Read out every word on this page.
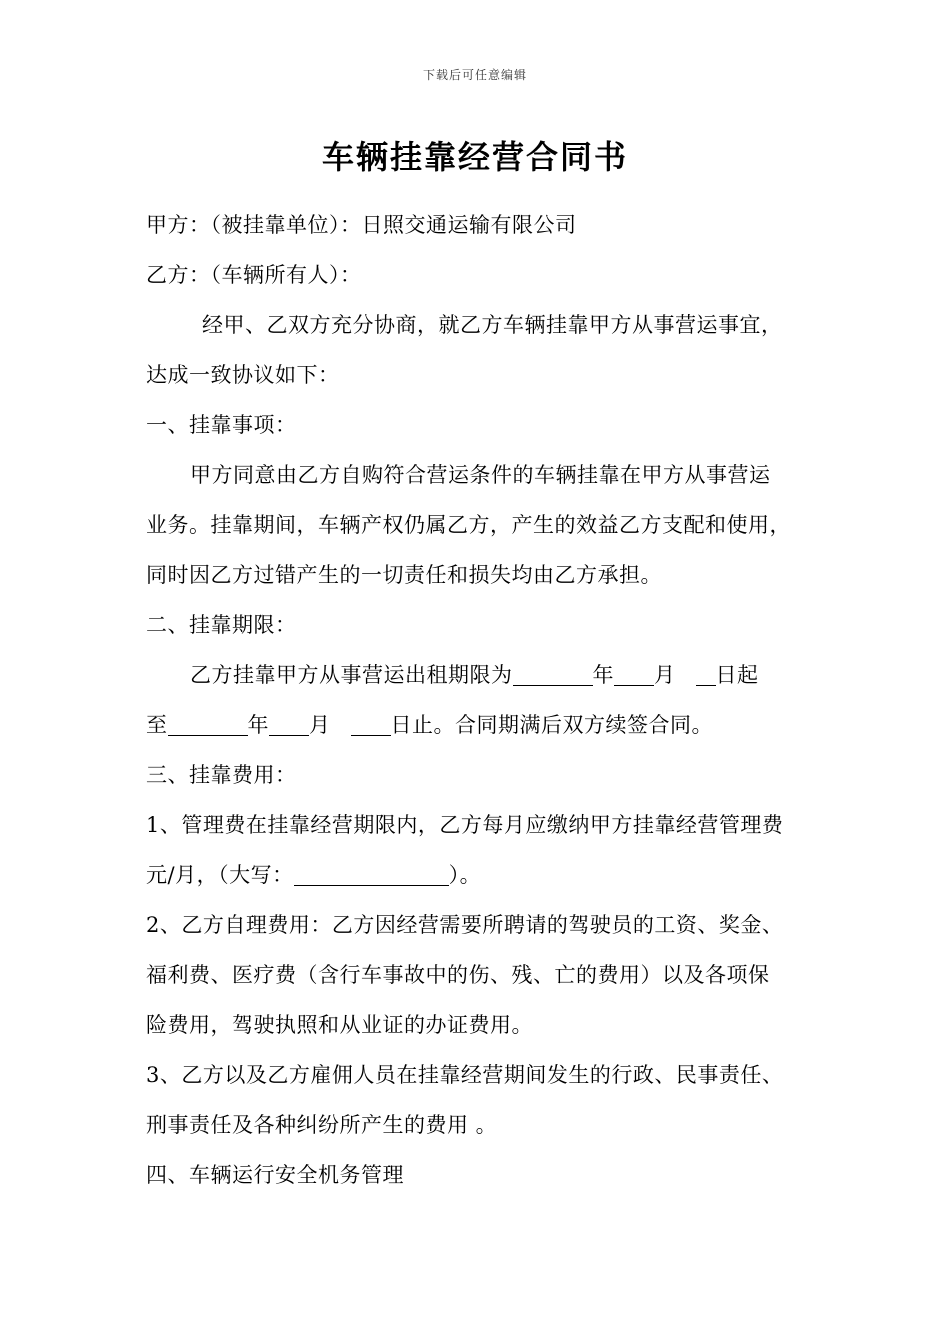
下载后可任意编辑
车辆挂靠经营合同书
甲方：（被挂靠单位）：日照交通运输有限公司
乙方：（车辆所有人）：
经甲、乙双方充分协商，就乙方车辆挂靠甲方从事营运事宜，
达成一致协议如下：
一、挂靠事项：
甲方同意由乙方自购符合营运条件的车辆挂靠在甲方从事营运
业务。挂靠期间，车辆产权仍属乙方，产生的效益乙方支配和使用，
同时因乙方过错产生的一切责任和损失均由乙方承担。
二、挂靠期限：
乙方挂靠甲方从事营运出租期限为	年 月 日起
至	年 月	日止。合同期满后双方续签合同。
三、挂靠费用：
1、管理费在挂靠经营期限内，乙方每月应缴纳甲方挂靠经营管理费
元/月，（大写：	）。
2、乙方自理费用：乙方因经营需要所聘请的驾驶员的工资、奖金、
福利费、医疗费（含行车事故中的伤、残、亡的费用）以及各项保
险费用，驾驶执照和从业证的办证费用。
3、乙方以及乙方雇佣人员在挂靠经营期间发生的行政、民事责任、
刑事责任及各种纠纷所产生的费用 。
四、车辆运行安全机务管理
